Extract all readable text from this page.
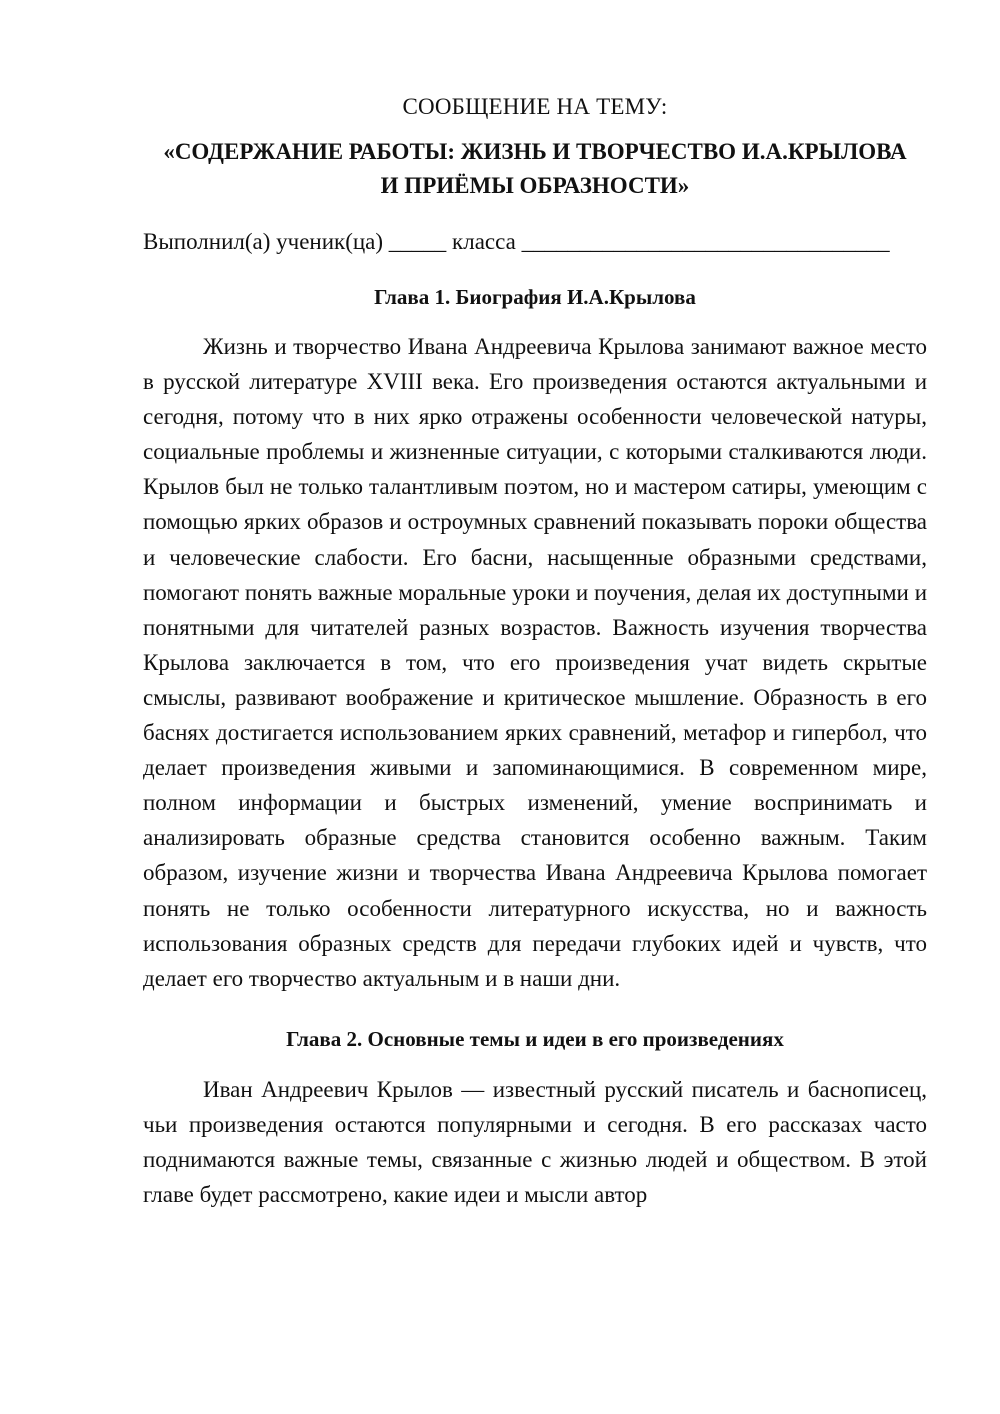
СООБЩЕНИЕ НА ТЕМУ:

«СОДЕРЖАНИЕ РАБОТЫ: ЖИЗНЬ И ТВОРЧЕСТВО И.А.КРЫЛОВА
И ПРИЁМЫ ОБРАЗНОСТИ»

Выполнил(а) ученик(ца) _____ класса ________________________________

Глава 1. Биография И.А.Крылова

Жизнь и творчество Ивана Андреевича Крылова занимают важное место в русской литературе XVIII века. Его произведения остаются актуальными и сегодня, потому что в них ярко отражены особенности человеческой натуры, социальные проблемы и жизненные ситуации, с которыми сталкиваются люди. Крылов был не только талантливым поэтом, но и мастером сатиры, умеющим с помощью ярких образов и остроумных сравнений показывать пороки общества и человеческие слабости. Его басни, насыщенные образными средствами, помогают понять важные моральные уроки и поучения, делая их доступными и понятными для читателей разных возрастов. Важность изучения творчества Крылова заключается в том, что его произведения учат видеть скрытые смыслы, развивают воображение и критическое мышление. Образность в его баснях достигается использованием ярких сравнений, метафор и гипербол, что делает произведения живыми и запоминающимися. В современном мире, полном информации и быстрых изменений, умение воспринимать и анализировать образные средства становится особенно важным. Таким образом, изучение жизни и творчества Ивана Андреевича Крылова помогает понять не только особенности литературного искусства, но и важность использования образных средств для передачи глубоких идей и чувств, что делает его творчество актуальным и в наши дни.

Глава 2. Основные темы и идеи в его произведениях

Иван Андреевич Крылов — известный русский писатель и баснописец, чьи произведения остаются популярными и сегодня. В его рассказах часто поднимаются важные темы, связанные с жизнью людей и обществом. В этой главе будет рассмотрено, какие идеи и мысли автор
